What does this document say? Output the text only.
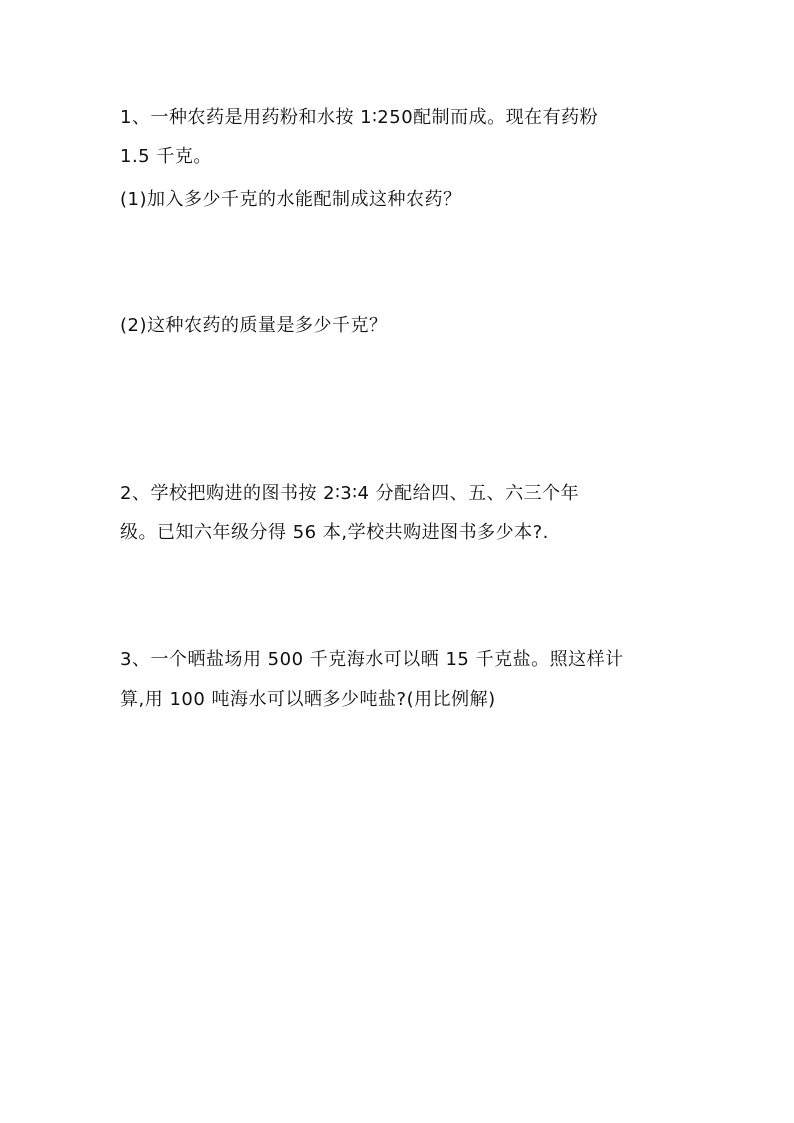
1、一种农药是用药粉和水按 1∶250配制而成。现在有药粉
1.5 千克。
(1)加入多少千克的水能配制成这种农药？
(2)这种农药的质量是多少千克？
2、学校把购进的图书按 2∶3∶4 分配给四、五、六三个年
级。已知六年级分得 56 本,学校共购进图书多少本?.
3、一个晒盐场用 500 千克海水可以晒 15 千克盐。照这样计
算,用 100 吨海水可以晒多少吨盐?(用比例解)
